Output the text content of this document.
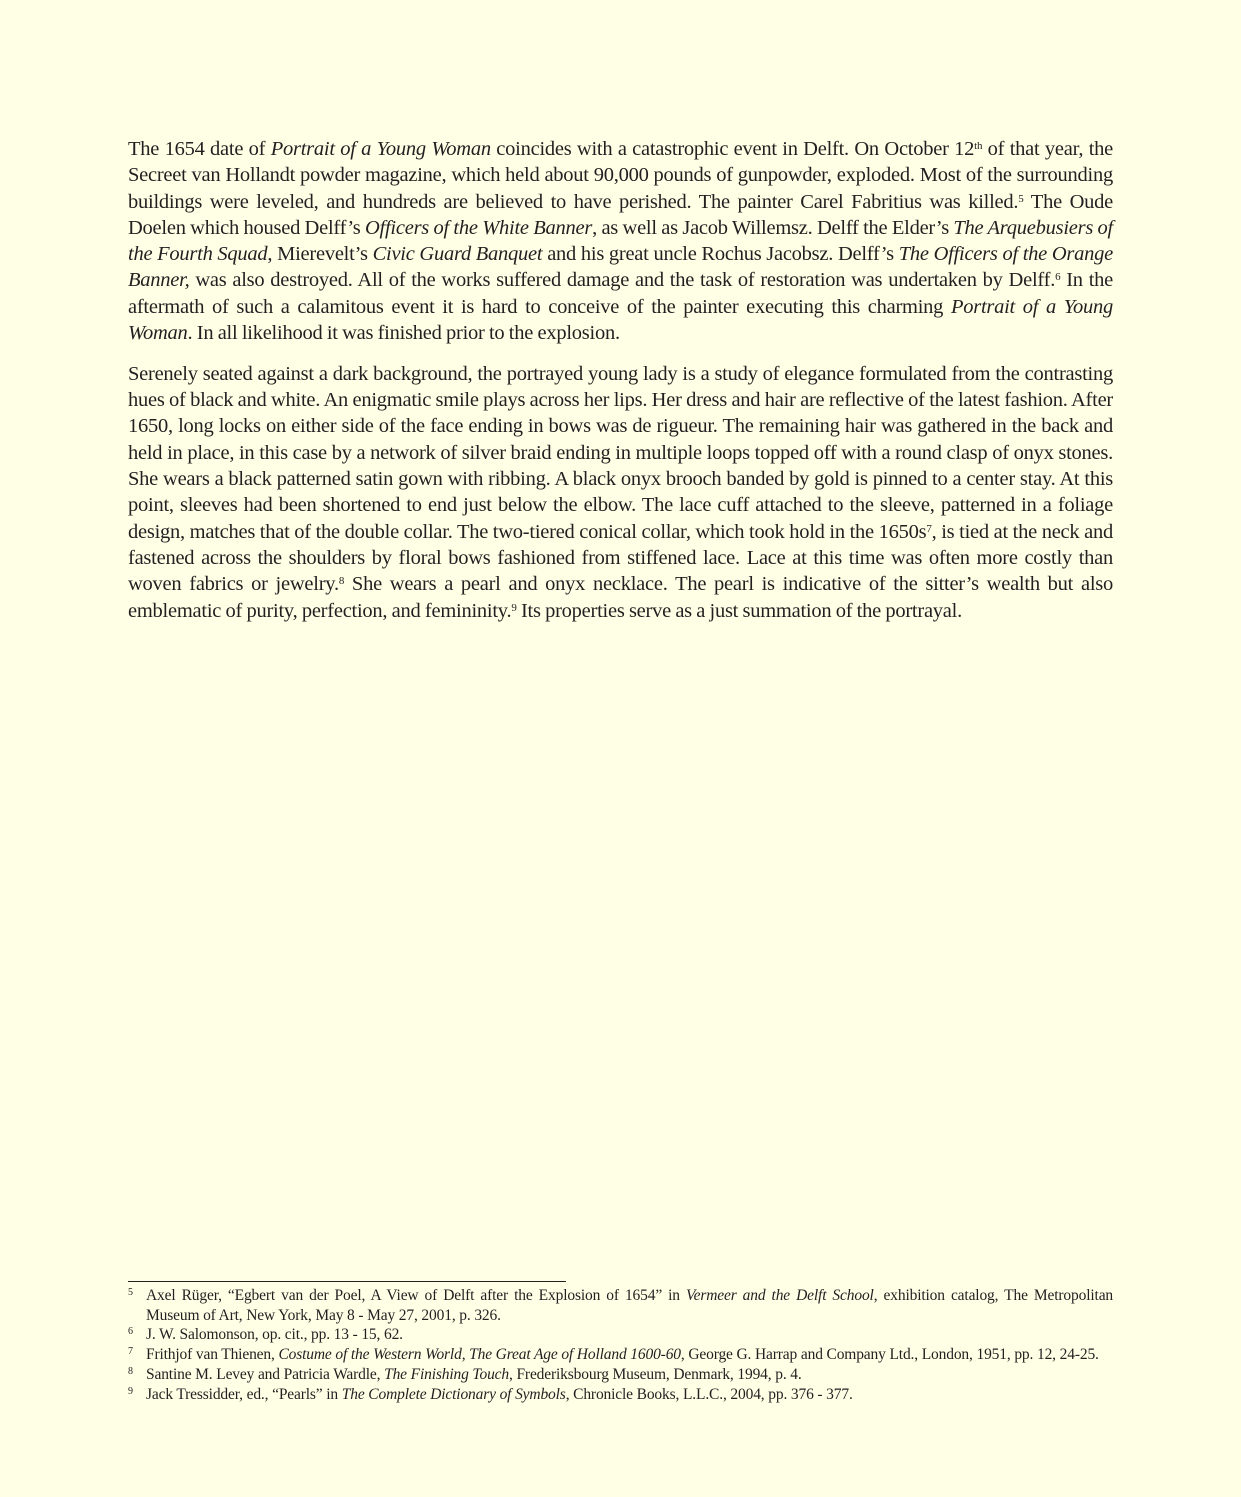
The 1654 date of Portrait of a Young Woman coincides with a catastrophic event in Delft. On October 12th of that year, the Secreet van Hollandt powder magazine, which held about 90,000 pounds of gunpowder, exploded. Most of the surrounding buildings were leveled, and hundreds are believed to have perished. The painter Carel Fabritius was killed.$^5$ The Oude Doelen which housed Delff’s Officers of the White Banner, as well as Jacob Willemsz. Delff the Elder’s The Arquebusiers of the Fourth Squad, Mierevelt’s Civic Guard Banquet and his great uncle Rochus Jacobsz. Delff’s The Officers of the Orange Banner, was also destroyed. All of the works suffered damage and the task of restoration was undertaken by Delff.$^6$ In the aftermath of such a calamitous event it is hard to conceive of the painter executing this charming Portrait of a Young Woman. In all likelihood it was finished prior to the explosion.

Serenely seated against a dark background, the portrayed young lady is a study of elegance formulated from the contrasting hues of black and white. An enigmatic smile plays across her lips. Her dress and hair are reflective of the latest fashion. After 1650, long locks on either side of the face ending in bows was de rigueur. The remaining hair was gathered in the back and held in place, in this case by a network of silver braid ending in multiple loops topped off with a round clasp of onyx stones. She wears a black patterned satin gown with ribbing. A black onyx brooch banded by gold is pinned to a center stay. At this point, sleeves had been shortened to end just below the elbow. The lace cuff attached to the sleeve, patterned in a foliage design, matches that of the double collar. The two-tiered conical collar, which took hold in the $1650s^7$, is tied at the neck and fastened across the shoulders by floral bows fashioned from stiffened lace. Lace at this time was often more costly than woven fabrics or jewelry.$^8$ She wears a pearl and onyx necklace. The pearl is indicative of the sitter’s wealth but also emblematic of purity, perfection, and femininity.$^9$ Its properties serve as a just summation of the portrayal.

5 Axel Rüger, “Egbert van der Poel, A View of Delft after the Explosion of 1654” in Vermeer and the Delft School, exhibition catalog, The Metropolitan Museum of Art, New York, May 8 - May 27, 2001, p. 326.
6 J. W. Salomonson, op. cit., pp. 13 - 15, 62.
7 Frithjof van Thienen, Costume of the Western World, The Great Age of Holland 1600-60, George G. Harrap and Company Ltd., London, 1951, pp. 12, 24-25.
8 Santine M. Levey and Patricia Wardle, The Finishing Touch, Frederiksbourg Museum, Denmark, 1994, p. 4.
9 Jack Tressidder, ed., “Pearls” in The Complete Dictionary of Symbols, Chronicle Books, L.L.C., 2004, pp. 376 - 377.
